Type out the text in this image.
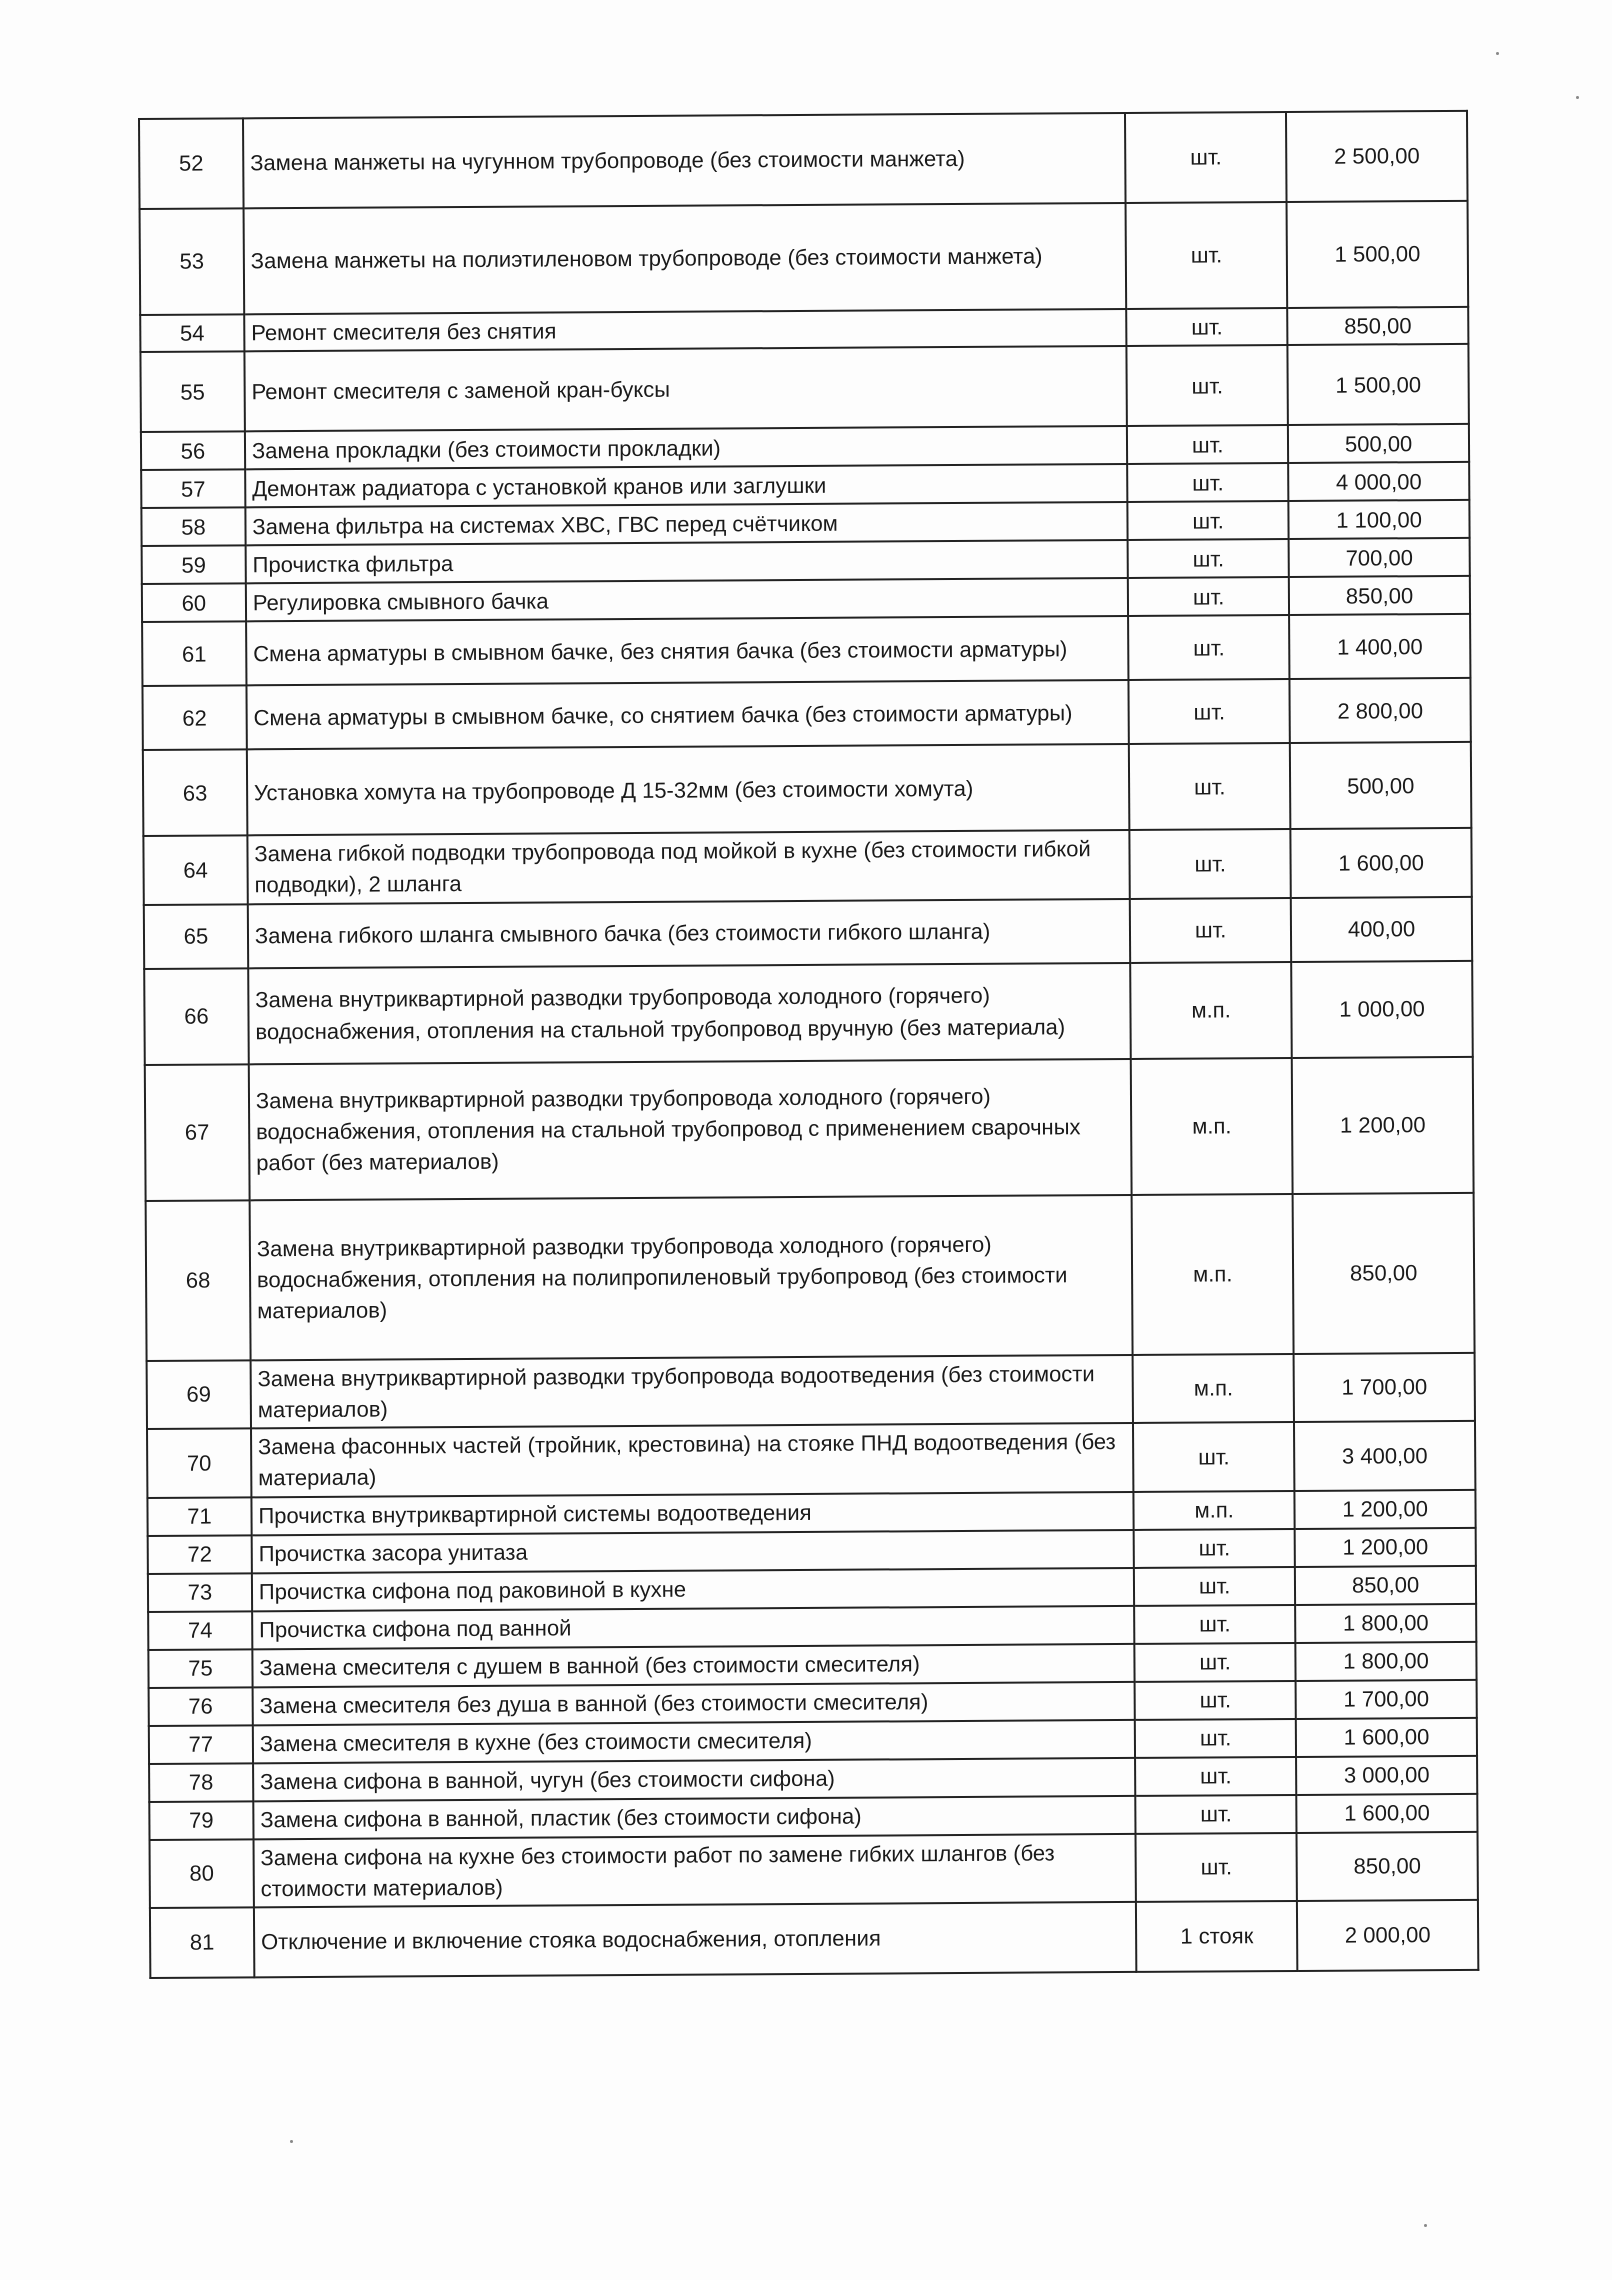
52	Замена манжеты на чугунном трубопроводе (без стоимости манжета)	шт.	2 500,00
53	Замена манжеты на полиэтиленовом трубопроводе (без стоимости манжета)	шт.	1 500,00
54	Ремонт смесителя без снятия	шт.	850,00
55	Ремонт смесителя с заменой кран-буксы	шт.	1 500,00
56	Замена прокладки (без стоимости прокладки)	шт.	500,00
57	Демонтаж радиатора с установкой кранов или заглушки	шт.	4 000,00
58	Замена фильтра на системах ХВС, ГВС перед счётчиком	шт.	1 100,00
59	Прочистка фильтра	шт.	700,00
60	Регулировка смывного бачка	шт.	850,00
61	Смена арматуры в смывном бачке, без снятия бачка (без стоимости арматуры)	шт.	1 400,00
62	Смена арматуры в смывном бачке, со снятием бачка (без стоимости арматуры)	шт.	2 800,00
63	Установка хомута на трубопроводе Д 15-32мм (без стоимости хомута)	шт.	500,00
64	Замена гибкой подводки трубопровода под мойкой в кухне (без стоимости гибкой подводки), 2 шланга	шт.	1 600,00
65	Замена гибкого шланга смывного бачка (без стоимости гибкого шланга)	шт.	400,00
66	Замена внутриквартирной разводки трубопровода холодного (горячего) водоснабжения, отопления на стальной трубопровод вручную (без материала)	м.п.	1 000,00
67	Замена внутриквартирной разводки трубопровода холодного (горячего) водоснабжения, отопления на стальной трубопровод с применением сварочных работ (без материалов)	м.п.	1 200,00
68	Замена внутриквартирной разводки трубопровода холодного (горячего) водоснабжения, отопления на полипропиленовый трубопровод (без стоимости материалов)	м.п.	850,00
69	Замена внутриквартирной разводки трубопровода водоотведения (без стоимости материалов)	м.п.	1 700,00
70	Замена фасонных частей (тройник, крестовина) на стояке ПНД водоотведения (без материала)	шт.	3 400,00
71	Прочистка внутриквартирной системы водоотведения	м.п.	1 200,00
72	Прочистка засора унитаза	шт.	1 200,00
73	Прочистка сифона под раковиной в кухне	шт.	850,00
74	Прочистка сифона под ванной	шт.	1 800,00
75	Замена смесителя с душем в ванной (без стоимости смесителя)	шт.	1 800,00
76	Замена смесителя без душа в ванной (без стоимости смесителя)	шт.	1 700,00
77	Замена смесителя в кухне (без стоимости смесителя)	шт.	1 600,00
78	Замена сифона в ванной, чугун (без стоимости сифона)	шт.	3 000,00
79	Замена сифона в ванной, пластик (без стоимости сифона)	шт.	1 600,00
80	Замена сифона на кухне без стоимости работ по замене гибких шлангов (без стоимости материалов)	шт.	850,00
81	Отключение и включение стояка водоснабжения, отопления	1 стояк	2 000,00
